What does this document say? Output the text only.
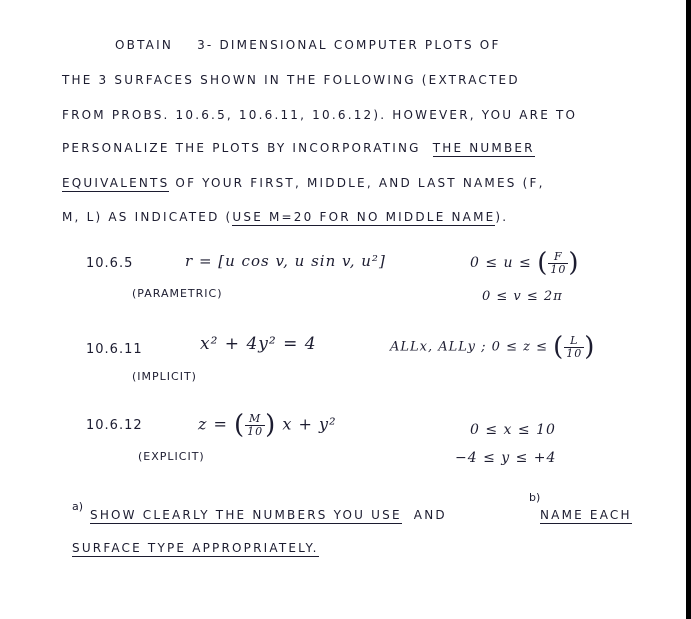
OBTAIN 3- DIMENSIONAL COMPUTER PLOTS OF
THE 3 SURFACES SHOWN IN THE FOLLOWING (EXTRACTED
FROM PROBS. 10.6.5, 10.6.11, 10.6.12). HOWEVER, YOU ARE TO
PERSONALIZE THE PLOTS BY INCORPORATING THE NUMBER
EQUIVALENTS OF YOUR FIRST, MIDDLE, AND LAST NAMES (F,
M, L) AS INDICATED (USE M=20 FOR NO MIDDLE NAME).
10.6.5	r = [u cos v, u sin v, u²]
(PARAMETRIC)
0 ≤ u ≤ ( $\frac{F}{10}$ )
0 ≤ v ≤ 2π
10.6.11	x² + 4y² = 4
(IMPLICIT)
ALLx, ALLy ; 0 ≤ z ≤ ( $\frac{L}{10}$ )
10.6.12	z = ( $\frac{M}{10}$ ) x + y²
(EXPLICIT)
0 ≤ x ≤ 10
−4 ≤ y ≤ +4
a)
SHOW CLEARLY THE NUMBERS YOU USE AND
b)
NAME EACH
SURFACE TYPE APPROPRIATELY.
